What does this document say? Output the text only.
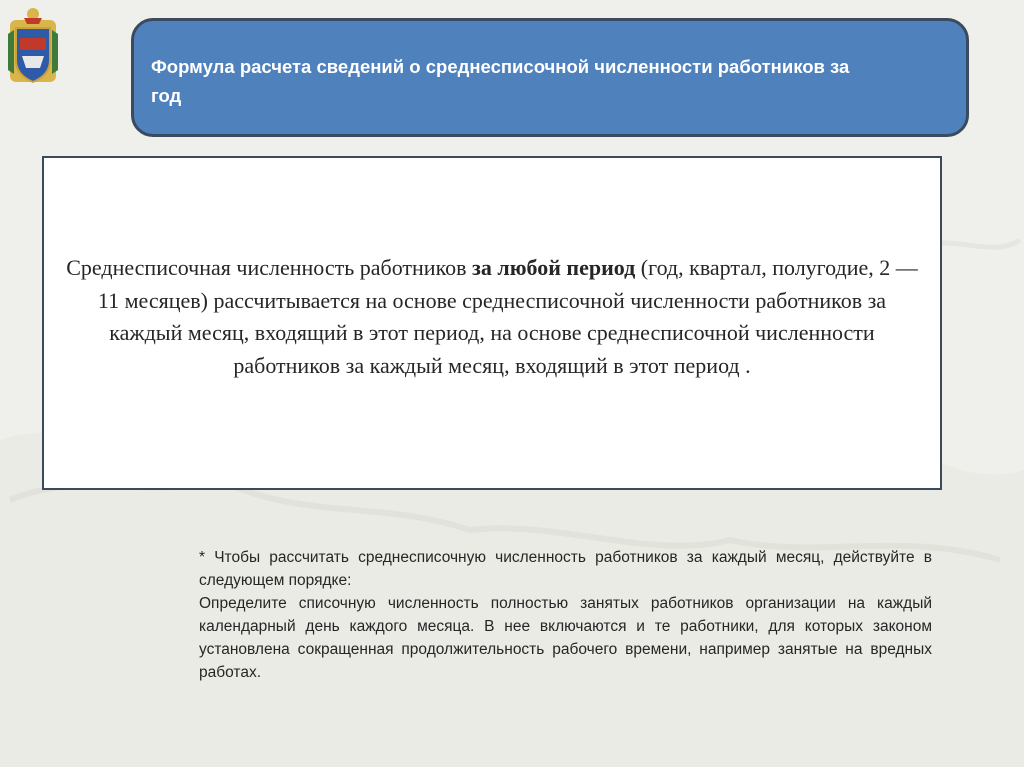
Формула расчета сведений о среднесписочной численности работников за год
Среднесписочная численность работников за любой период (год, квартал, полугодие, 2 — 11 месяцев) рассчитывается на основе среднесписочной численности работников за каждый месяц, входящий в этот период, на основе среднесписочной численности работников за каждый месяц, входящий в этот период .

* Чтобы рассчитать среднесписочную численность работников за каждый месяц, действуйте в следующем порядке:

Определите списочную численность полностью занятых работников организации на каждый календарный день каждого месяца. В нее включаются и те работники, для которых законом установлена сокращенная продолжительность рабочего времени, например занятые на вредных работах.
